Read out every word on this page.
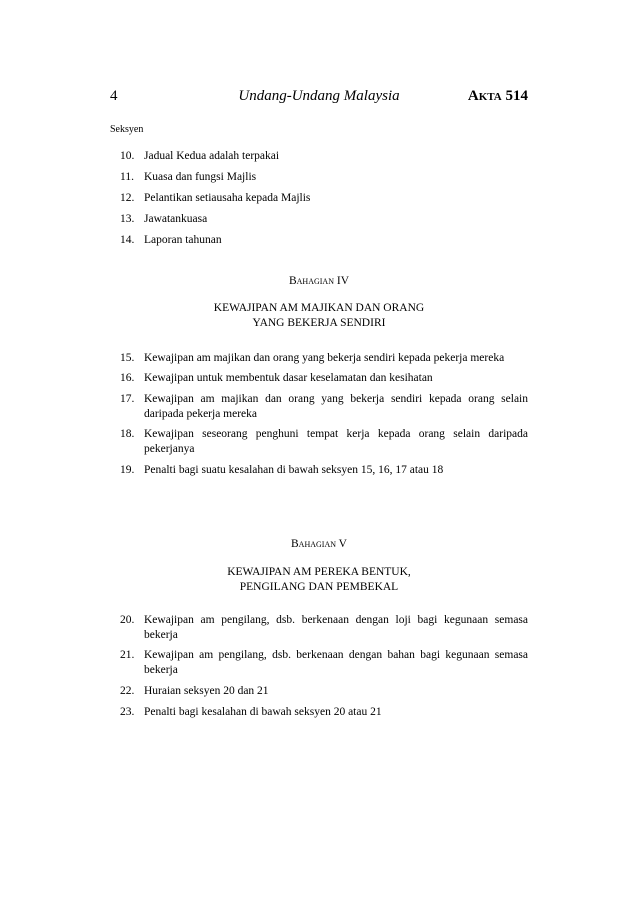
4	Undang-Undang Malaysia	Akta 514
Seksyen
10. Jadual Kedua adalah terpakai
11. Kuasa dan fungsi Majlis
12. Pelantikan setiausaha kepada Majlis
13. Jawatankuasa
14. Laporan tahunan
Bahagian IV
KEWAJIPAN AM MAJIKAN DAN ORANG
YANG BEKERJA SENDIRI
15. Kewajipan am majikan dan orang yang bekerja sendiri kepada pekerja mereka
16. Kewajipan untuk membentuk dasar keselamatan dan kesihatan
17. Kewajipan am majikan dan orang yang bekerja sendiri kepada orang selain daripada pekerja mereka
18. Kewajipan seseorang penghuni tempat kerja kepada orang selain daripada pekerjanya
19. Penalti bagi suatu kesalahan di bawah seksyen 15, 16, 17 atau 18
Bahagian V
KEWAJIPAN AM PEREKA BENTUK,
PENGILANG DAN PEMBEKAL
20. Kewajipan am pengilang, dsb. berkenaan dengan loji bagi kegunaan semasa bekerja
21. Kewajipan am pengilang, dsb. berkenaan dengan bahan bagi kegunaan semasa bekerja
22. Huraian seksyen 20 dan 21
23. Penalti bagi kesalahan di bawah seksyen 20 atau 21
